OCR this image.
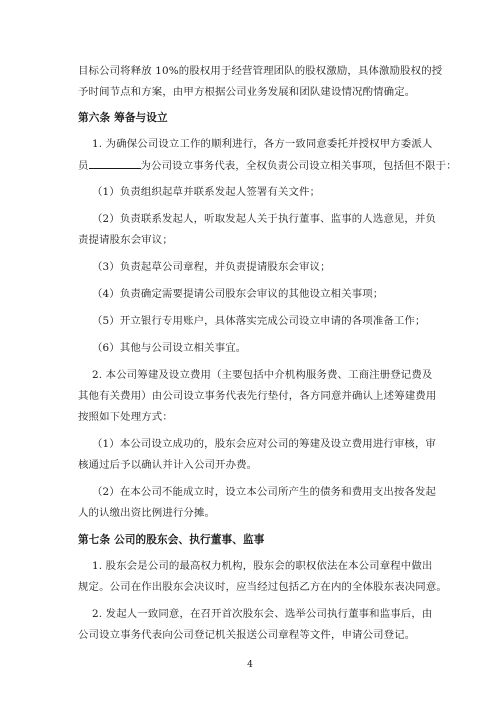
目标公司将释放 10%的股权用于经营管理团队的股权激励，具体激励股权的授
予时间节点和方案，由甲方根据公司业务发展和团队建设情况酌情确定。
第六条 筹备与设立
1. 为确保公司设立工作的顺利进行，各方一致同意委托并授权甲方委派人
员	为公司设立事务代表，全权负责公司设立相关事项，包括但不限于：
（1）负责组织起草并联系发起人签署有关文件；
（2）负责联系发起人，听取发起人关于执行董事、监事的人选意见，并负
责提请股东会审议；
（3）负责起草公司章程，并负责提请股东会审议；
（4）负责确定需要提请公司股东会审议的其他设立相关事项；
（5）开立银行专用账户，具体落实完成公司设立申请的各项准备工作；
（6）其他与公司设立相关事宜。
2. 本公司筹建及设立费用（主要包括中介机构服务费、工商注册登记费及
其他有关费用）由公司设立事务代表先行垫付，各方同意并确认上述筹建费用
按照如下处理方式：
（1）本公司设立成功的，股东会应对公司的筹建及设立费用进行审核，审
核通过后予以确认并计入公司开办费。
（2）在本公司不能成立时，设立本公司所产生的债务和费用支出按各发起
人的认缴出资比例进行分摊。
第七条 公司的股东会、执行董事、监事
1. 股东会是公司的最高权力机构，股东会的职权依法在本公司章程中做出
规定。公司在作出股东会决议时，应当经过包括乙方在内的全体股东表决同意。
2. 发起人一致同意，在召开首次股东会、选举公司执行董事和监事后，由
公司设立事务代表向公司登记机关报送公司章程等文件，申请公司登记。
4
